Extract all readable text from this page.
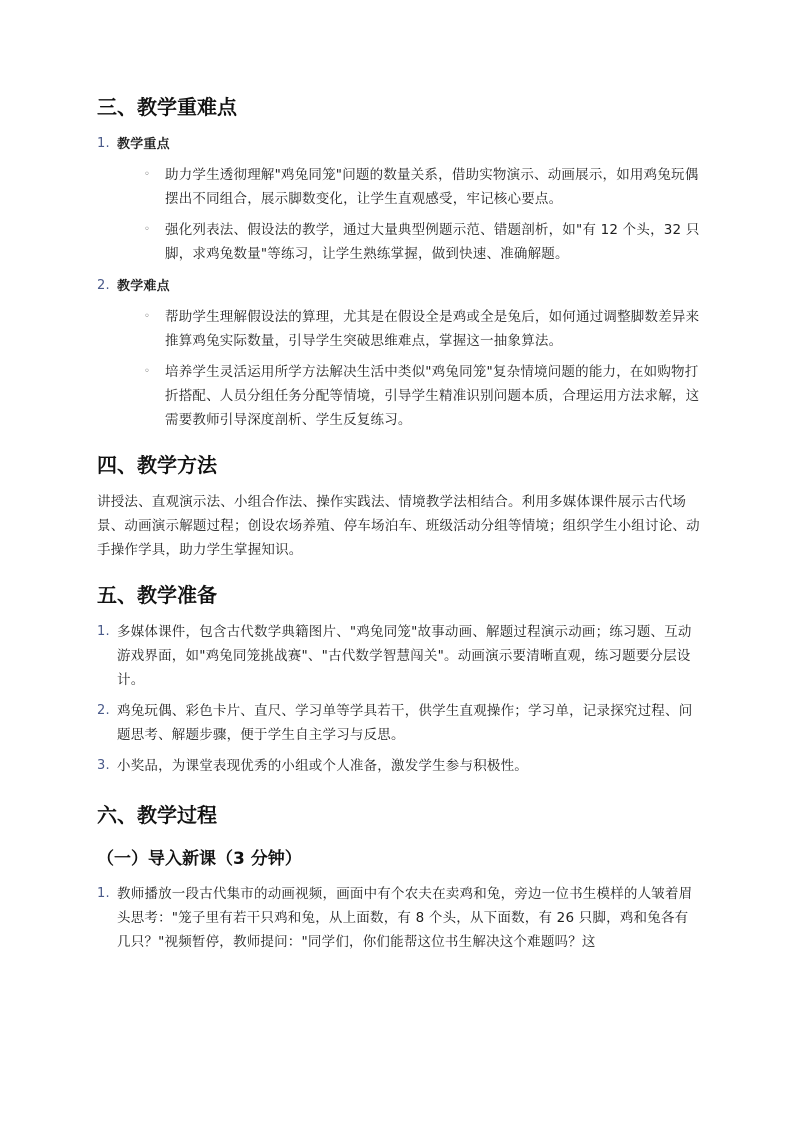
三、教学重难点
1. 教学重点
◦ 助力学生透彻理解"鸡兔同笼"问题的数量关系，借助实物演示、动画展示，如用鸡兔玩偶摆出不同组合，展示脚数变化，让学生直观感受，牢记核心要点。
◦ 强化列表法、假设法的教学，通过大量典型例题示范、错题剖析，如"有 12 个头，32 只脚，求鸡兔数量"等练习，让学生熟练掌握，做到快速、准确解题。
2. 教学难点
◦ 帮助学生理解假设法的算理，尤其是在假设全是鸡或全是兔后，如何通过调整脚数差异来推算鸡兔实际数量，引导学生突破思维难点，掌握这一抽象算法。
◦ 培养学生灵活运用所学方法解决生活中类似"鸡兔同笼"复杂情境问题的能力，在如购物打折搭配、人员分组任务分配等情境，引导学生精准识别问题本质，合理运用方法求解，这需要教师引导深度剖析、学生反复练习。
四、教学方法

讲授法、直观演示法、小组合作法、操作实践法、情境教学法相结合。利用多媒体课件展示古代场景、动画演示解题过程；创设农场养殖、停车场泊车、班级活动分组等情境；组织学生小组讨论、动手操作学具，助力学生掌握知识。

五、教学准备
1. 多媒体课件，包含古代数学典籍图片、"鸡兔同笼"故事动画、解题过程演示动画；练习题、互动游戏界面，如"鸡兔同笼挑战赛"、"古代数学智慧闯关"。动画演示要清晰直观，练习题要分层设计。
2. 鸡兔玩偶、彩色卡片、直尺、学习单等学具若干，供学生直观操作；学习单，记录探究过程、问题思考、解题步骤，便于学生自主学习与反思。
3. 小奖品，为课堂表现优秀的小组或个人准备，激发学生参与积极性。
六、教学过程
（一）导入新课（3 分钟）
1. 教师播放一段古代集市的动画视频，画面中有个农夫在卖鸡和兔，旁边一位书生模样的人皱着眉头思考："笼子里有若干只鸡和兔，从上面数，有 8 个头，从下面数，有 26 只脚，鸡和兔各有几只？"视频暂停，教师提问："同学们，你们能帮这位书生解决这个难题吗？这
